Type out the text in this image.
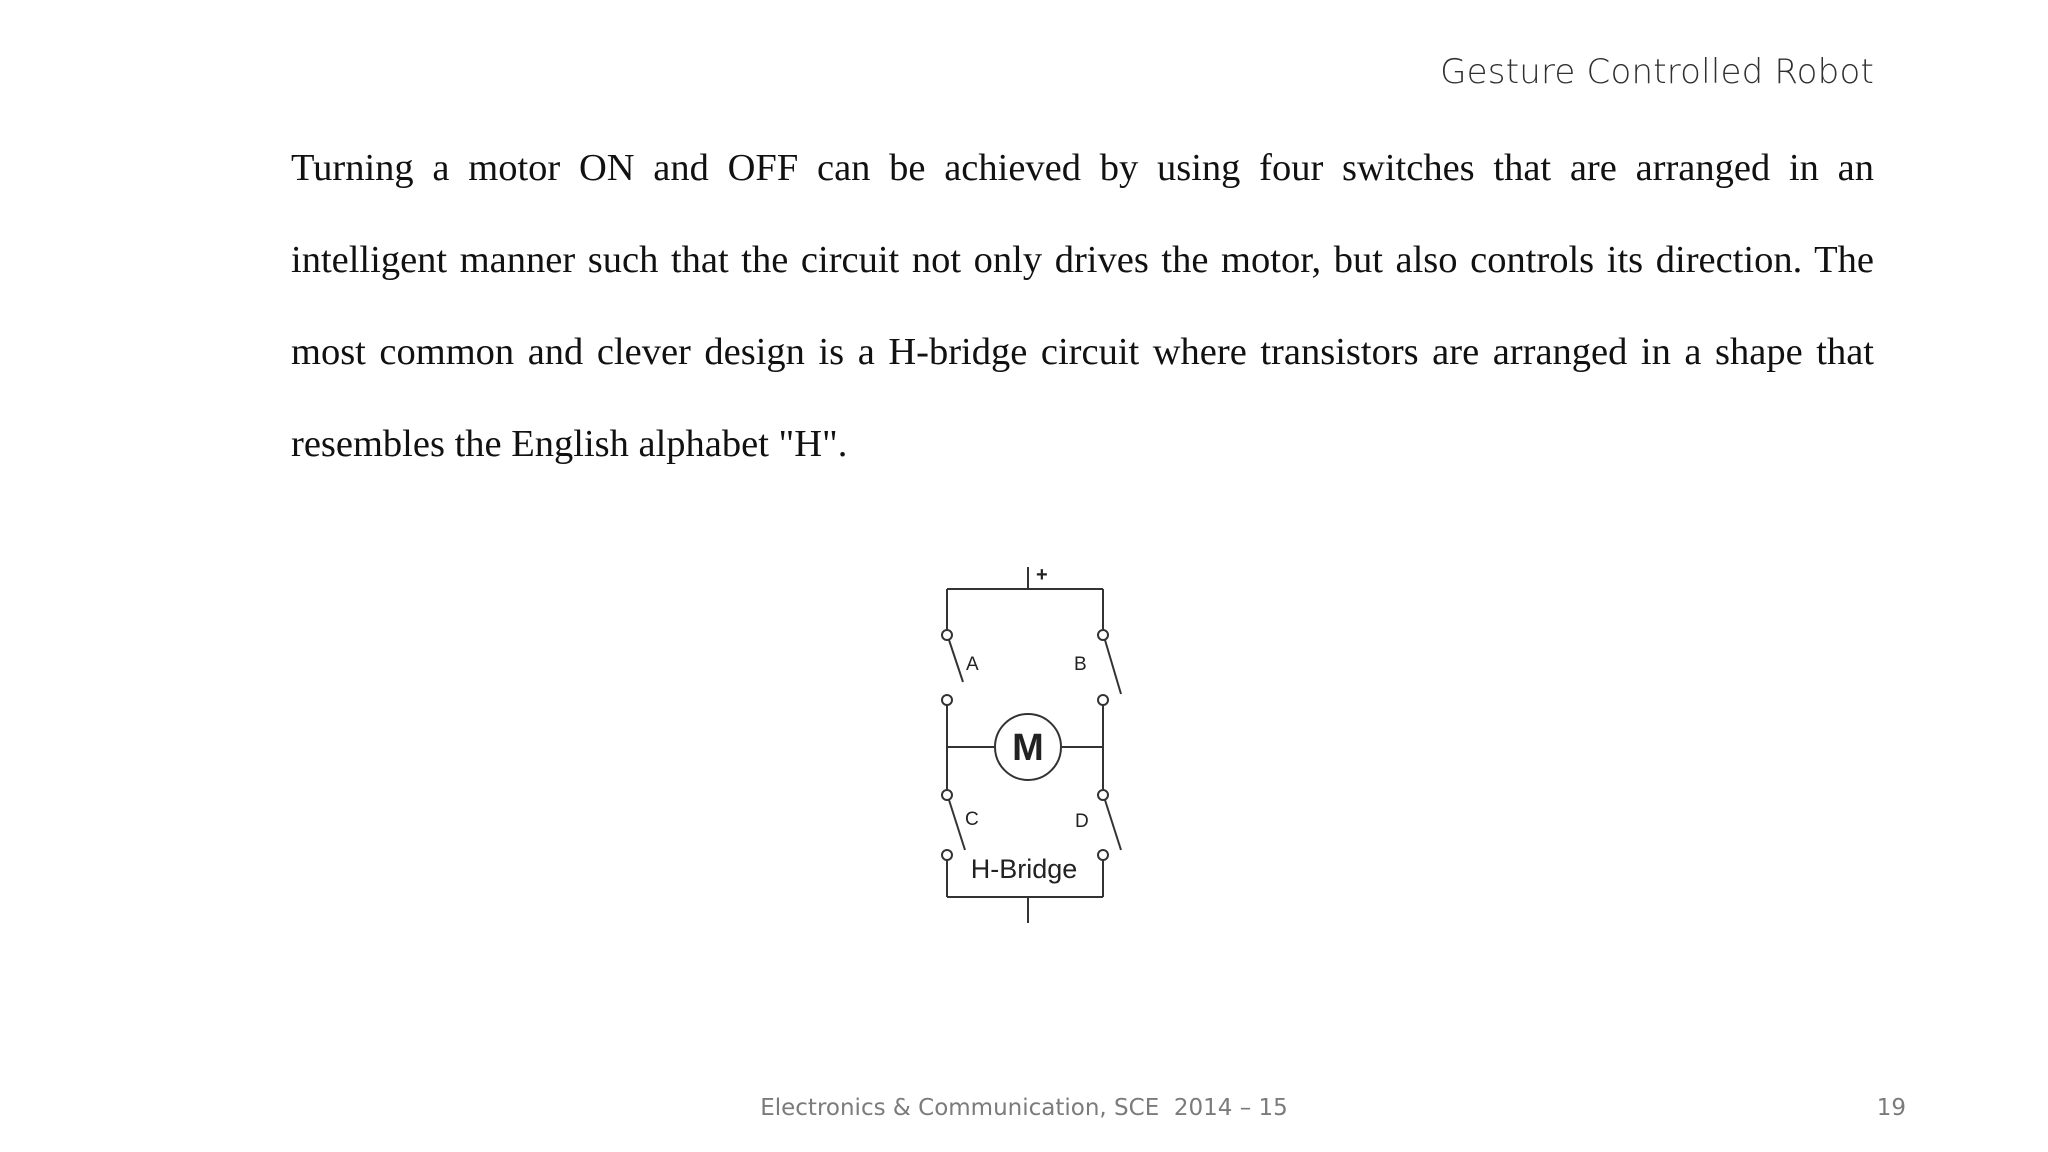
Gesture Controlled Robot

Turning a motor ON and OFF can be achieved by using four switches that are arranged in an intelligent manner such that the circuit not only drives the motor, but also controls its direction. The most common and clever design is a H-bridge circuit where transistors are arranged in a shape that resembles the English alphabet "H".

+
M
A	B
C	D
H-Bridge
Electronics & Communication, SCE  2014 – 15	19
